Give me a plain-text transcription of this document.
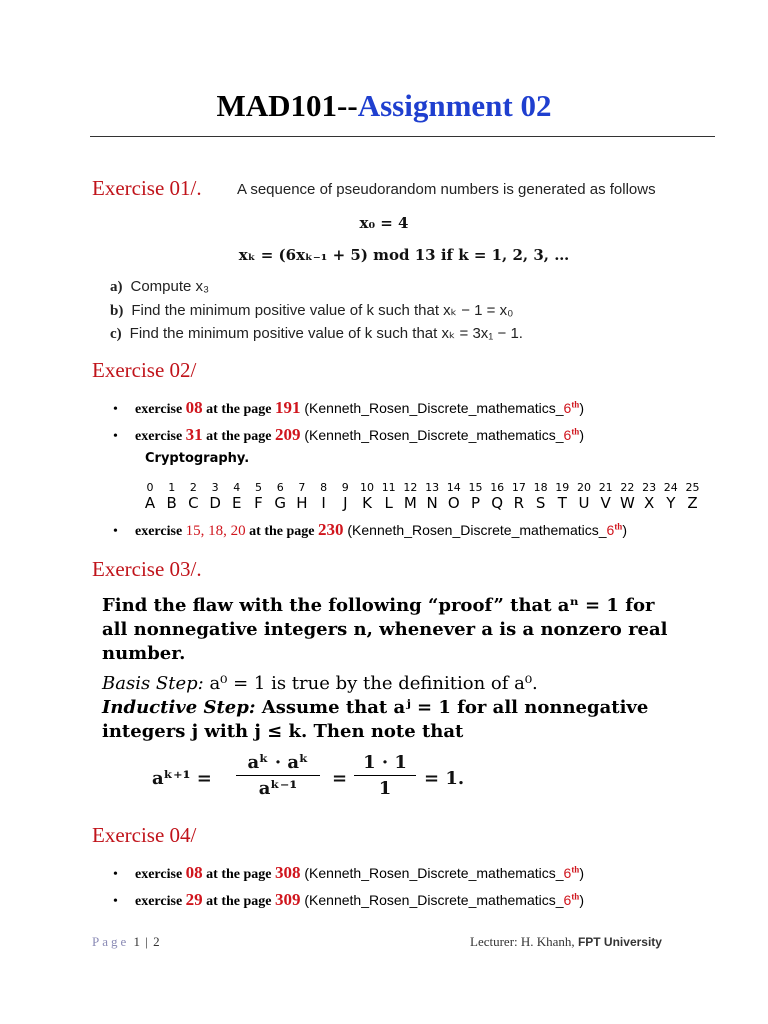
MAD101--Assignment 02
Exercise 01/. A sequence of pseudorandom numbers is generated as follows
x₀ = 4
xₖ = (6xₖ₋₁ + 5) mod 13 if k = 1, 2, 3, …
a) Compute x₃
b) Find the minimum positive value of k such that xₖ − 1 = x₀
c) Find the minimum positive value of k such that xₖ = 3x₁ − 1.
Exercise 02/
• exercise 08 at the page 191 (Kenneth_Rosen_Discrete_mathematics_6th)
• exercise 31 at the page 209 (Kenneth_Rosen_Discrete_mathematics_6th)
Cryptography.
0	1	2	3	4	5	6	7	8	9	10 11 12 13 14 15 16 17 18 19 20 21 22 23 24 25
A B C D E F G H I	J K L M N O P Q R S T U V W X Y Z
• exercise 15, 18, 20 at the page 230 (Kenneth_Rosen_Discrete_mathematics_6th)
Exercise 03/.
Find the flaw with the following “proof” that aⁿ = 1 for
all nonnegative integers n, whenever a is a nonzero real
number.
Basis Step: a⁰ = 1 is true by the definition of a⁰.
Inductive Step: Assume that aʲ = 1 for all nonnegative
integers j with j ≤ k. Then note that
aᵏ⁺¹ =
aᵏ · aᵏ
aᵏ⁻¹	=
1 · 1
1	= 1.
Exercise 04/
• exercise 08 at the page 308 (Kenneth_Rosen_Discrete_mathematics_6th)
• exercise 29 at the page 309 (Kenneth_Rosen_Discrete_mathematics_6th)
Page 1 | 2	Lecturer: H. Khanh, FPT University
